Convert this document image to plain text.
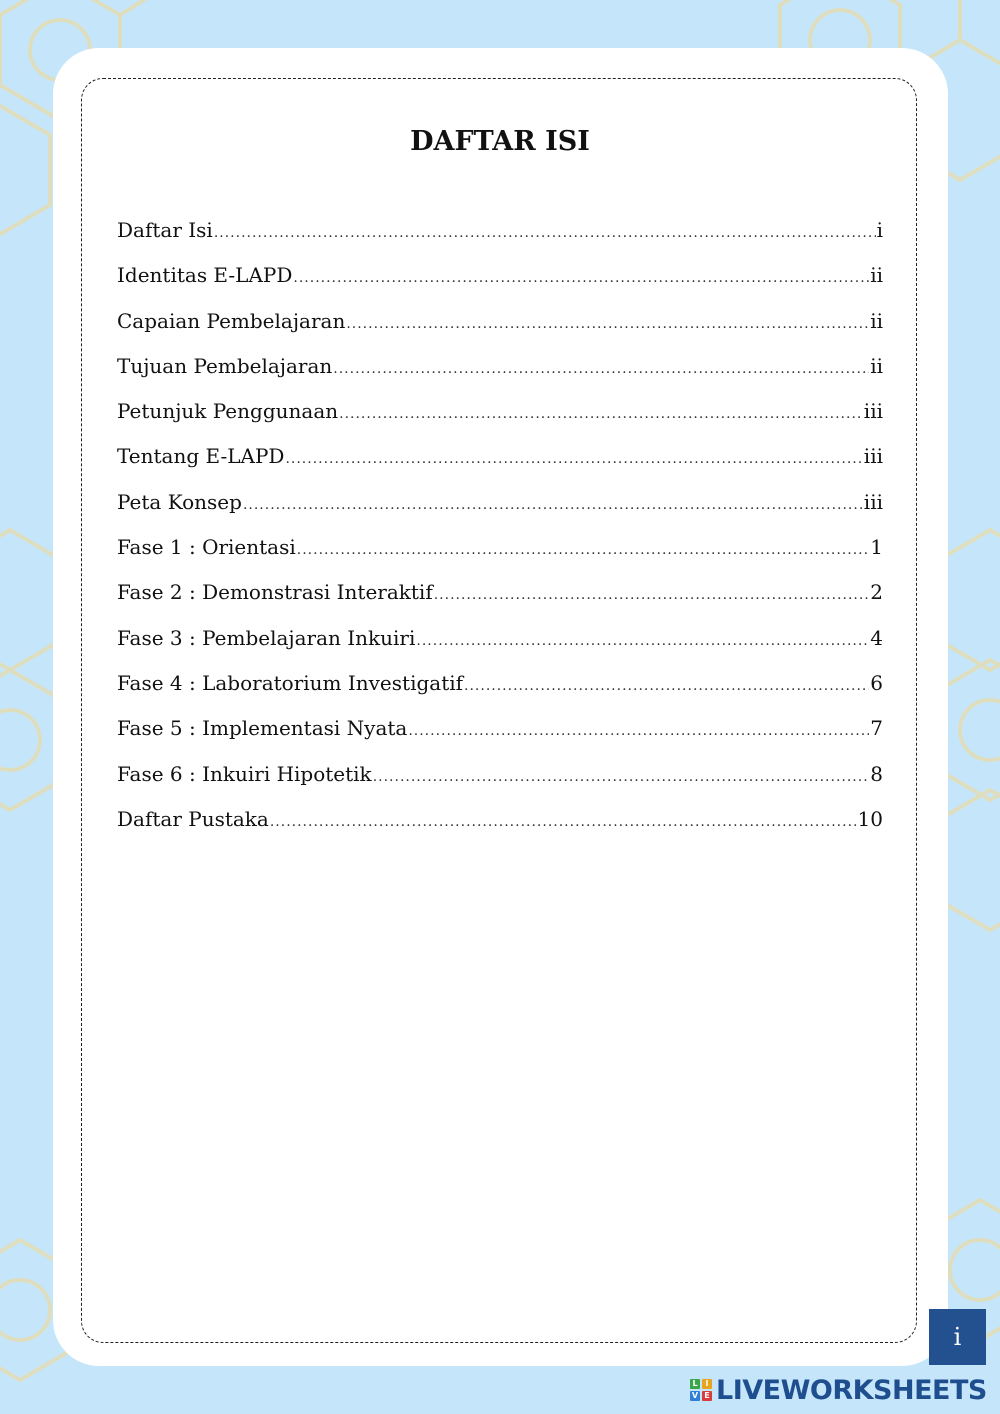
DAFTAR ISI
Daftar Isi .....	i
Identitas E-LAPD .....	ii
Capaian Pembelajaran .....	ii
Tujuan Pembelajaran .....	ii
Petunjuk Penggunaan .....	iii
Tentang E-LAPD .....	iii
Peta Konsep .....	iii
Fase 1 : Orientasi .....	1
Fase 2 : Demonstrasi Interaktif .....	2
Fase 3 : Pembelajaran Inkuiri .....	4
Fase 4 : Laboratorium Investigatif .....	6
Fase 5 : Implementasi Nyata .....	7
Fase 6 : Inkuiri Hipotetik .....	8
Daftar Pustaka .....	10
i
L I
V E LIVEWORKSHEETS
